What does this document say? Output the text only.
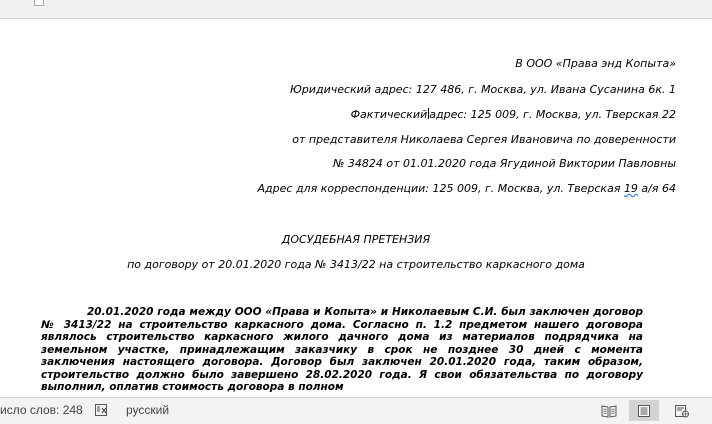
В ООО «Права энд Копыта»
Юридический адрес: 127 486, г. Москва, ул. Ивана Сусанина 6к. 1
Фактический адрес: 125 009, г. Москва, ул. Тверская 22
от представителя Николаева Сергея Ивановича по доверенности
№ 34824 от 01.01.2020 года Ягудиной Виктории Павловны
Адрес для корреспонденции: 125 009, г. Москва, ул. Тверская 19 а/я 64
ДОСУДЕБНАЯ ПРЕТЕНЗИЯ
по договору от 20.01.2020 года № 3413/22 на строительство каркасного дома
20.01.2020 года между ООО «Права и Копыта» и Николаевым С.И. был заключен договор № 3413/22 на строительство каркасного дома. Согласно п. 1.2 предметом нашего договора являлось строительство каркасного жилого дачного дома из материалов подрядчика на земельном участке, принадлежащим заказчику в срок не позднее 30 дней с момента заключения настоящего договора. Договор был заключен 20.01.2020 года, таким образом, строительство должно было завершено 28.02.2020 года. Я свои обязательства по договору выполнил, оплатив стоимость договора в полном
исло слов: 248	русский
